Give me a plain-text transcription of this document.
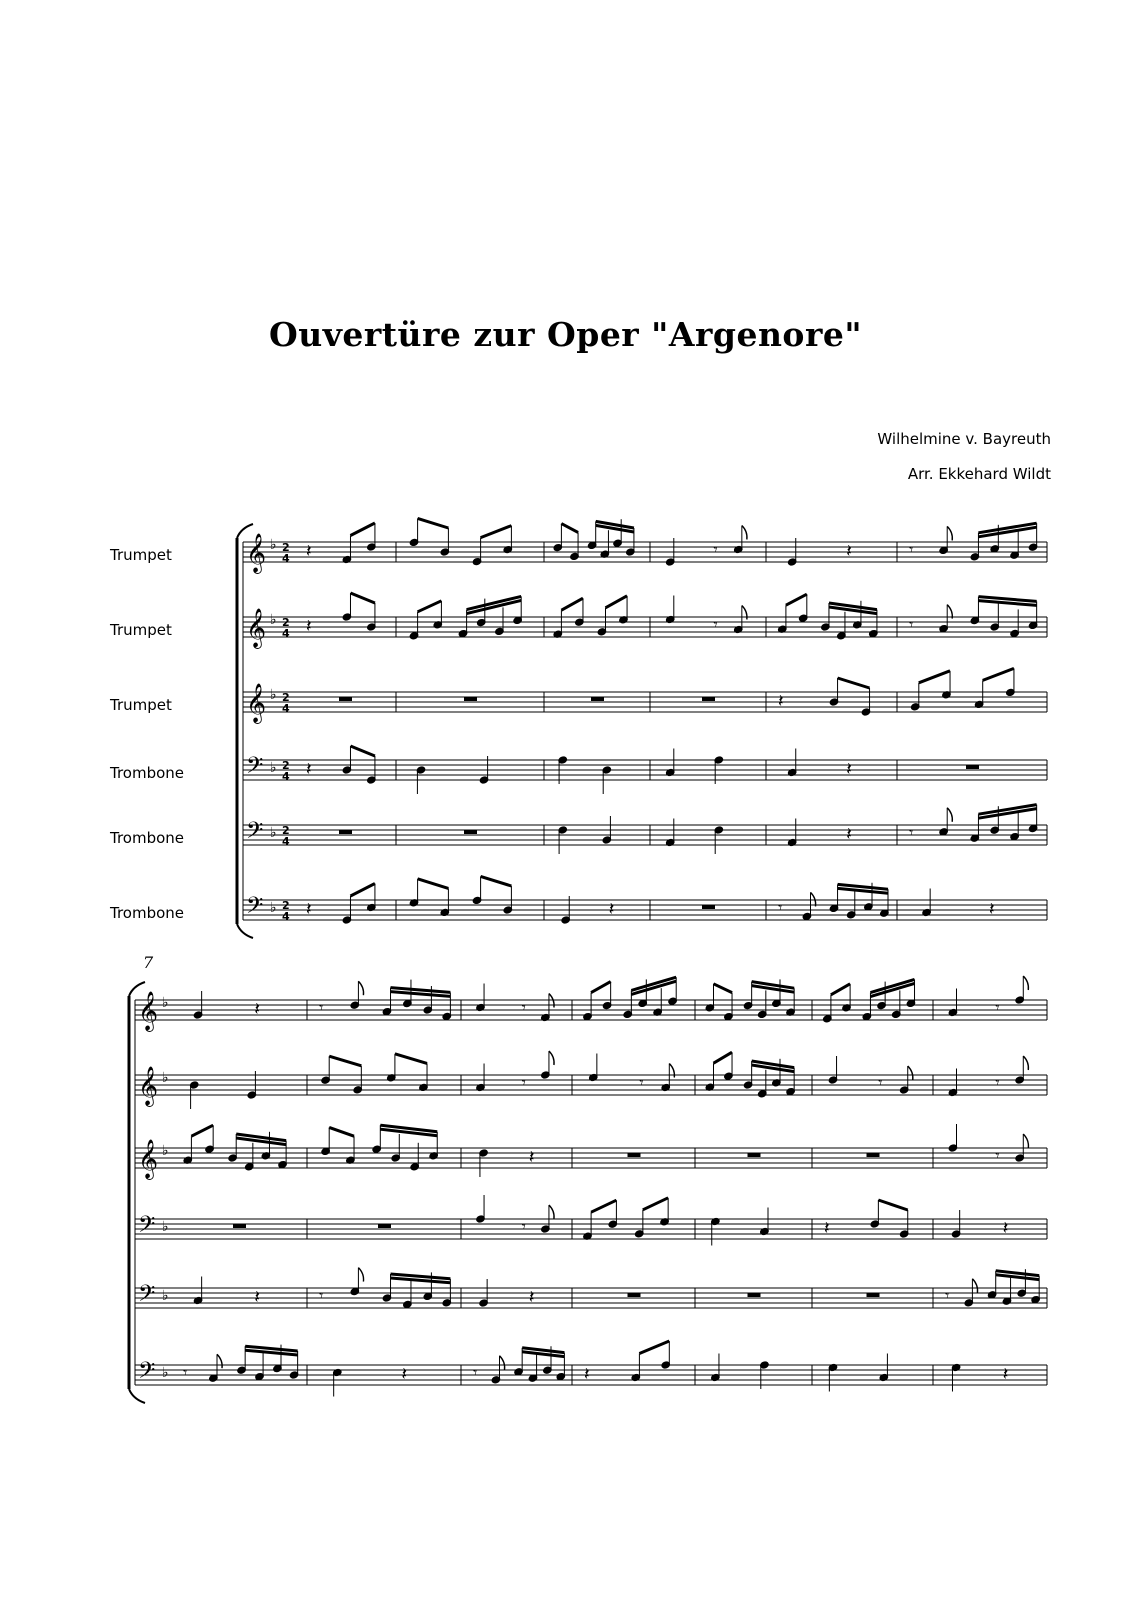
Ouvertüre zur Oper "Argenore"
Wilhelmine v. Bayreuth
Arr. Ekkehard Wildt
Trumpet
Trumpet
Trumpet
Trombone
Trombone
Trombone
𝄞 ♭ 2
4 𝄽	𝄾	𝄽	𝄾
𝄞 ♭ 2
4 𝄽	𝄾	𝄾
𝄞 ♭ 2
4	𝄽
𝄢 ♭ 2
4 𝄽	𝄽
𝄢 ♭ 2
4	𝄽	𝄾
𝄢 ♭ 2
4 𝄽	𝄽	𝄾	𝄽
𝄞 ♭	𝄽	𝄾	𝄾	𝄾
𝄞 ♭	𝄾	𝄾	𝄾	𝄾
𝄞 ♭	𝄽	𝄾
𝄢 ♭	𝄾	𝄽	𝄽
𝄢 ♭	𝄽	𝄾	𝄽	𝄾
𝄢 ♭ 𝄾	𝄽	𝄾	𝄽	𝄽
7
